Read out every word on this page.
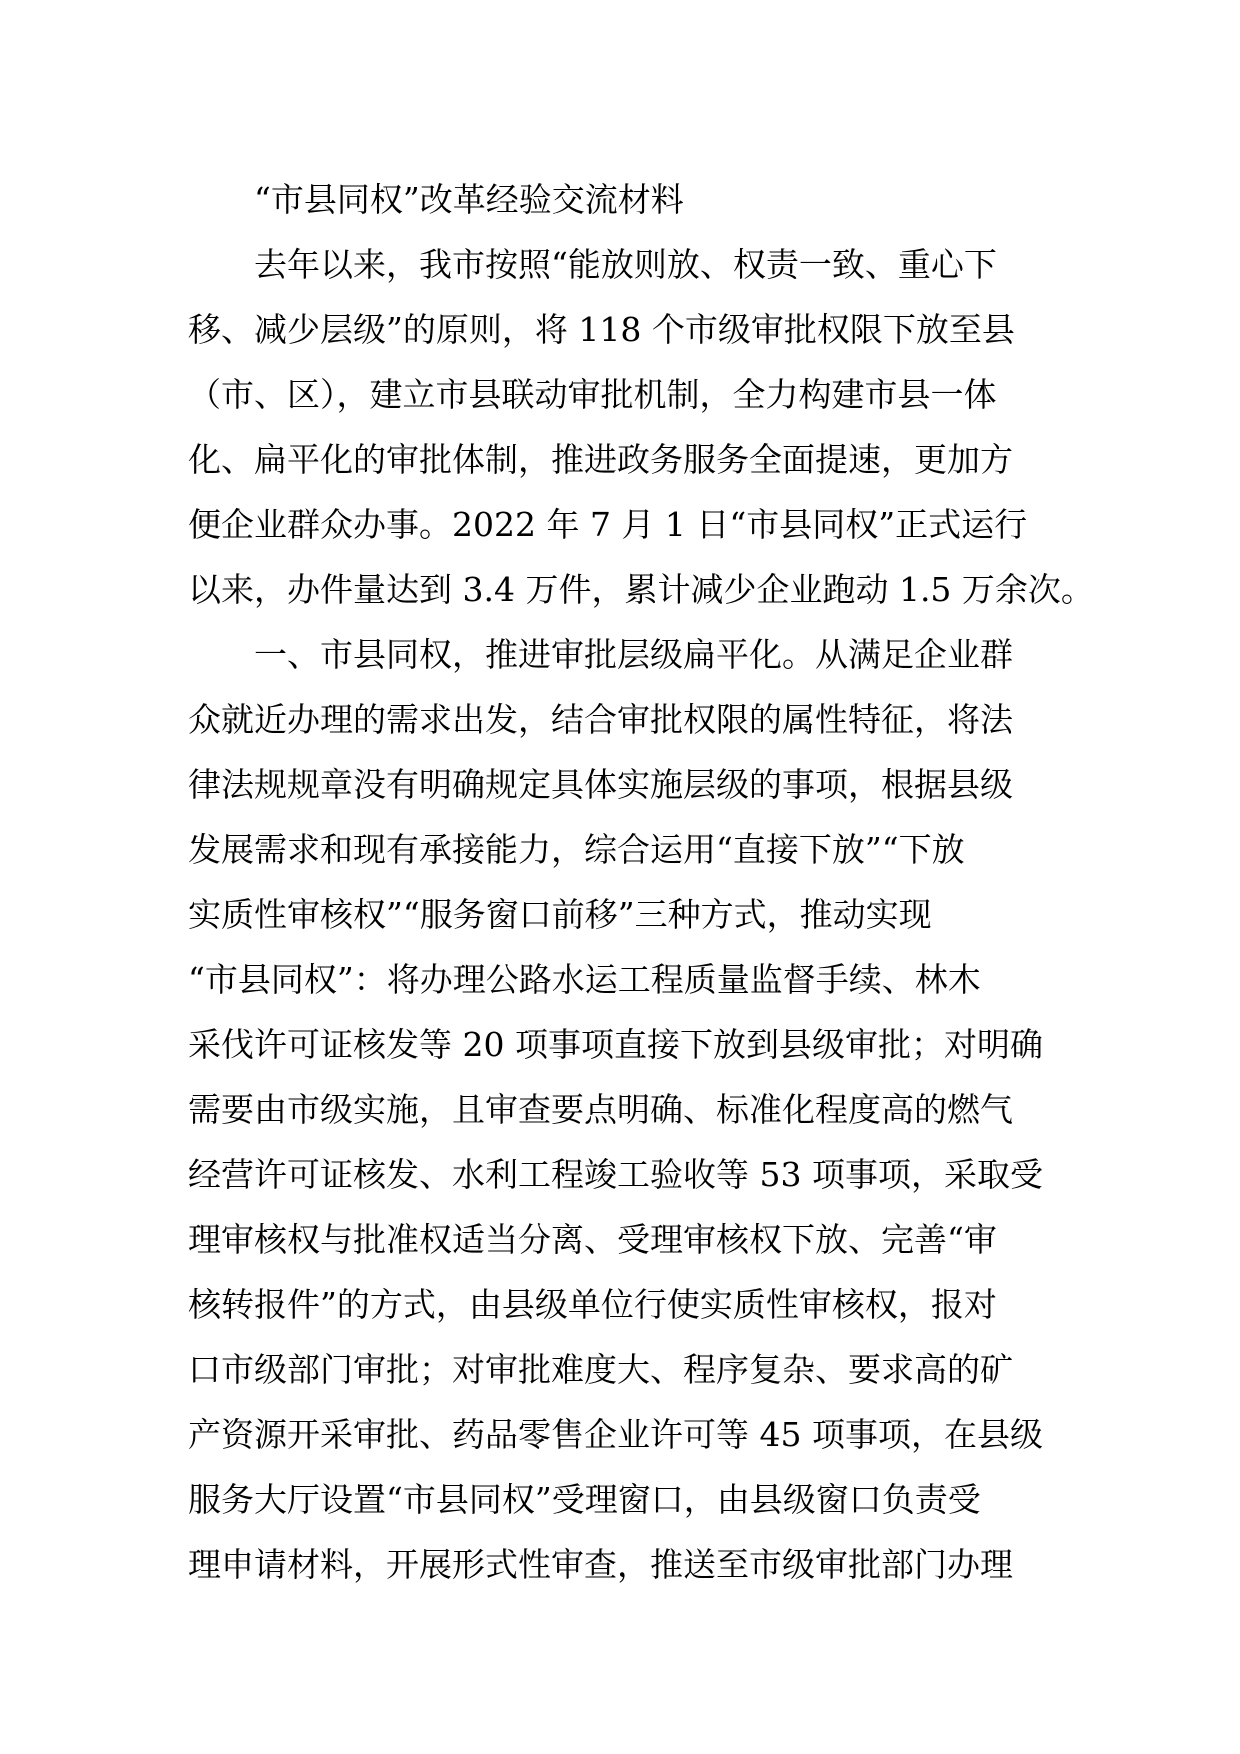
“市县同权”改革经验交流材料
去年以来，我市按照“能放则放、权责一致、重心下
移、减少层级”的原则，将 118 个市级审批权限下放至县
（市、区），建立市县联动审批机制，全力构建市县一体
化、扁平化的审批体制，推进政务服务全面提速，更加方
便企业群众办事。2022 年 7 月 1 日“市县同权”正式运行
以来，办件量达到 3.4 万件，累计减少企业跑动 1.5 万余次。
一、市县同权，推进审批层级扁平化。从满足企业群
众就近办理的需求出发，结合审批权限的属性特征，将法
律法规规章没有明确规定具体实施层级的事项，根据县级
发展需求和现有承接能力，综合运用“直接下放”“下放
实质性审核权”“服务窗口前移”三种方式，推动实现
“市县同权”：将办理公路水运工程质量监督手续、林木
采伐许可证核发等 20 项事项直接下放到县级审批；对明确
需要由市级实施，且审查要点明确、标准化程度高的燃气
经营许可证核发、水利工程竣工验收等 53 项事项，采取受
理审核权与批准权适当分离、受理审核权下放、完善“审
核转报件”的方式，由县级单位行使实质性审核权，报对
口市级部门审批；对审批难度大、程序复杂、要求高的矿
产资源开采审批、药品零售企业许可等 45 项事项，在县级
服务大厅设置“市县同权”受理窗口，由县级窗口负责受
理申请材料，开展形式性审查，推送至市级审批部门办理
